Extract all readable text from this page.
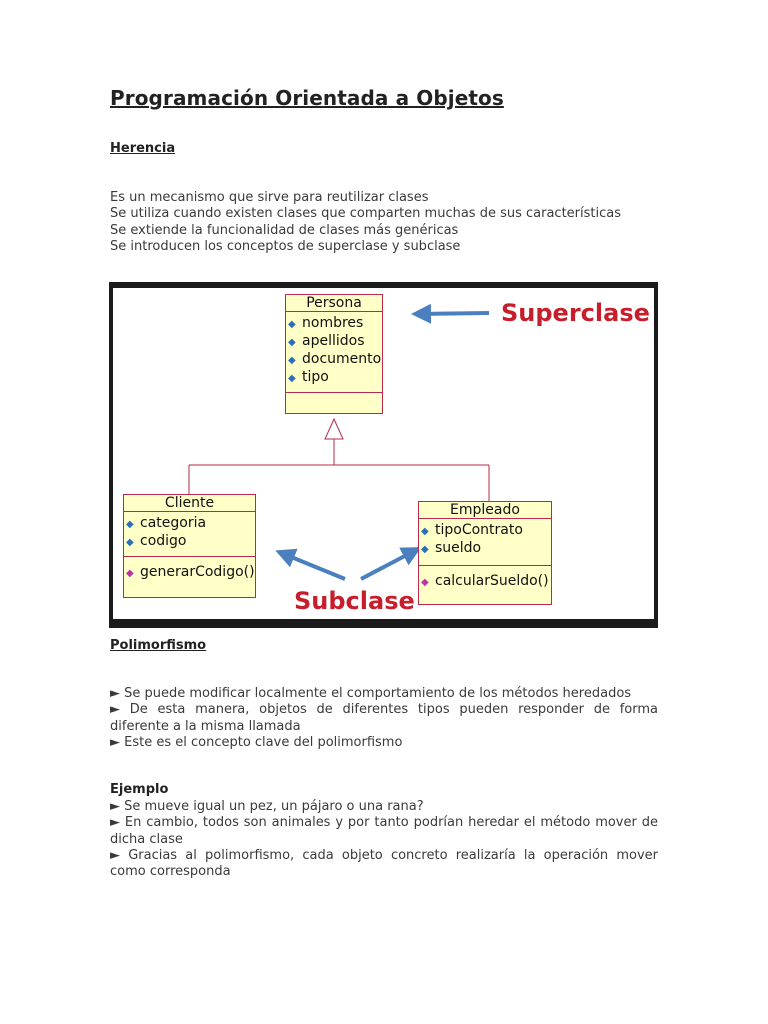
Programación Orientada a Objetos
Herencia
Es un mecanismo que sirve para reutilizar clases
Se utiliza cuando existen clases que comparten muchas de sus características
Se extiende la funcionalidad de clases más genéricas
Se introducen los conceptos de superclase y subclase
Persona
◆ nombres
◆ apellidos
◆ documento
◆ tipo
Cliente
◆ categoria
◆ codigo
◆ generarCodigo()
Empleado
◆ tipoContrato
◆ sueldo
◆ calcularSueldo()
Superclase
Subclase
Polimorfismo
► Se puede modificar localmente el comportamiento de los métodos heredados
► De esta manera, objetos de diferentes tipos pueden responder de forma
diferente a la misma llamada
► Este es el concepto clave del polimorfismo
Ejemplo
► Se mueve igual un pez, un pájaro o una rana?
► En cambio, todos son animales y por tanto podrían heredar el método mover de
dicha clase
► Gracias al polimorfismo, cada objeto concreto realizaría la operación mover
como corresponda
